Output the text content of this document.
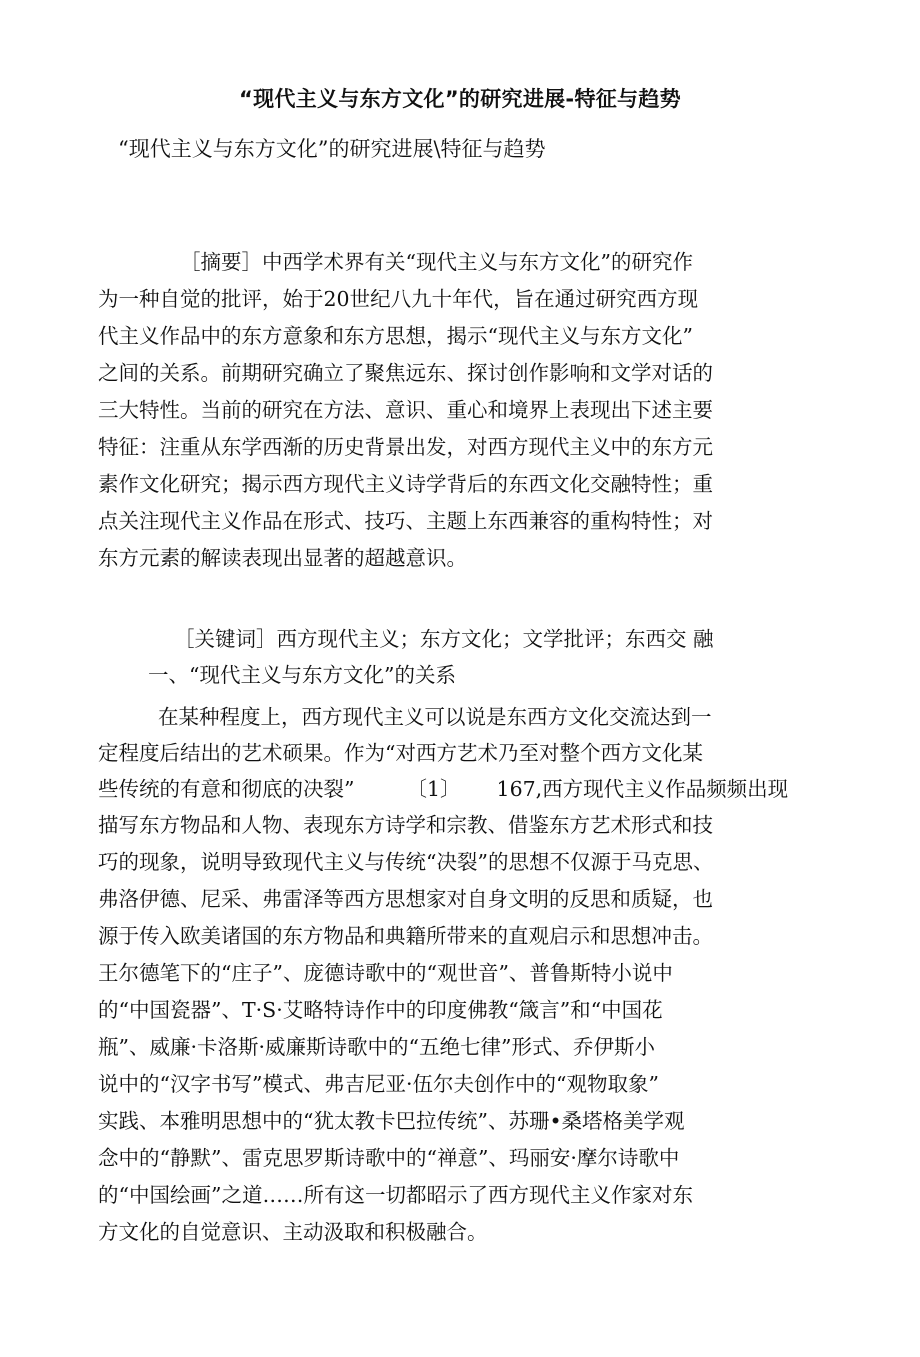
“现代主义与东方文化”的研究进展-特征与趋势
“现代主义与东方文化”的研究进展\特征与趋势
［摘要］中西学术界有关“现代主义与东方文化”的研究作
为一种自觉的批评，始于20世纪八九十年代，旨在通过研究西方现
代主义作品中的东方意象和东方思想，揭示“现代主义与东方文化”
之间的关系。前期研究确立了聚焦远东、探讨创作影响和文学对话的
三大特性。当前的研究在方法、意识、重心和境界上表现出下述主要
特征：注重从东学西渐的历史背景出发，对西方现代主义中的东方元
素作文化研究；揭示西方现代主义诗学背后的东西文化交融特性；重
点关注现代主义作品在形式、技巧、主题上东西兼容的重构特性；对
东方元素的解读表现出显著的超越意识。
［关键词］西方现代主义；东方文化；文学批评；东西交 融
一、“现代主义与东方文化”的关系
在某种程度上，西方现代主义可以说是东西方文化交流达到一
定程度后结出的艺术硕果。作为“对西方艺术乃至对整个西方文化某
些传统的有意和彻底的决裂”	〔1〕 167,西方现代主义作品频频出现
描写东方物品和人物、表现东方诗学和宗教、借鉴东方艺术形式和技
巧的现象，说明导致现代主义与传统“决裂”的思想不仅源于马克思、
弗洛伊德、尼采、弗雷泽等西方思想家对自身文明的反思和质疑，也
源于传入欧美诸国的东方物品和典籍所带来的直观启示和思想冲击。
王尔德笔下的“庄子”、庞德诗歌中的“观世音”、普鲁斯特小说中
的“中国瓷器”、T·S·艾略特诗作中的印度佛教“箴言”和“中国花
瓶”、威廉·卡洛斯·威廉斯诗歌中的“五绝七律”形式、乔伊斯小
说中的“汉字书写”模式、弗吉尼亚·伍尔夫创作中的“观物取象”
实践、本雅明思想中的“犹太教卡巴拉传统”、苏珊•桑塔格美学观
念中的“静默”、雷克思罗斯诗歌中的“禅意”、玛丽安·摩尔诗歌中
的“中国绘画”之道……所有这一切都昭示了西方现代主义作家对东
方文化的自觉意识、主动汲取和积极融合。
